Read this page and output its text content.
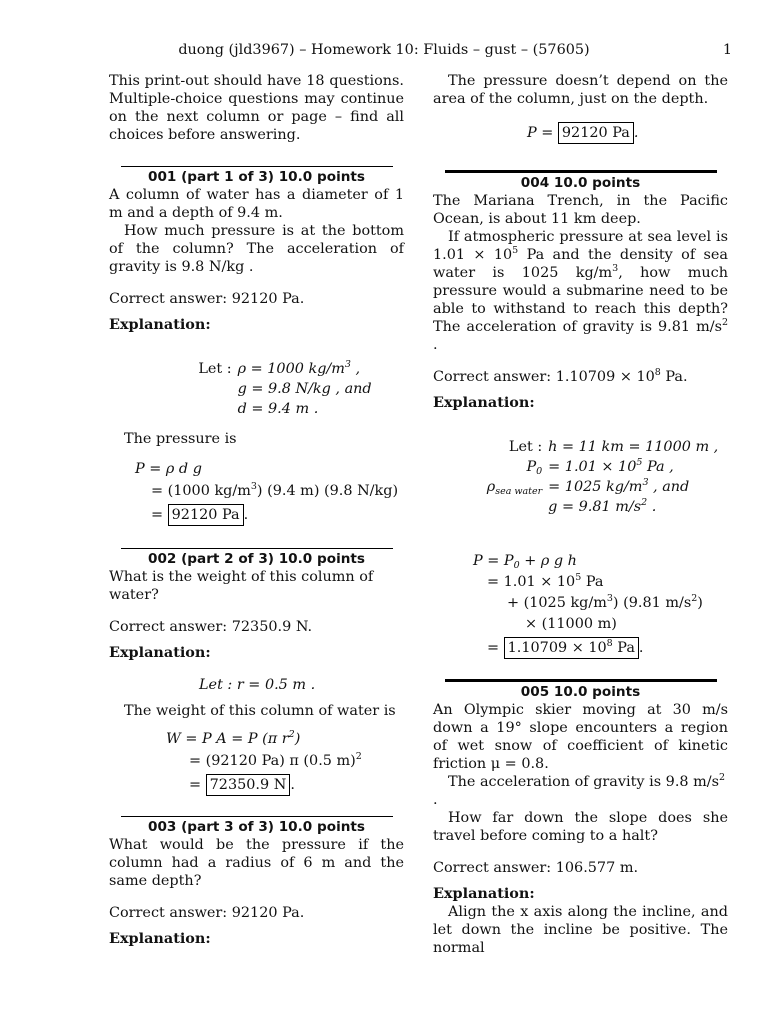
duong (jld3967) – Homework 10: Fluids – gust – (57605)	1

This print-out should have 18 questions. Multiple-choice questions may continue on the next column or page – find all choices before answering.

001 (part 1 of 3) 10.0 points

A column of water has a diameter of 1 m and a depth of 9.4 m.

How much pressure is at the bottom of the column? The acceleration of gravity is 9.8 N/kg .

Correct answer: 92120 Pa.

Explanation:

Let : ρ = 1000 $kg/m^3$ ,
g = 9.8 N/kg , and
d = 9.4 m .

The pressure is

P = ρ d g
= (1000 $kg/m^3$) (9.4 m) (9.8 N/kg)
= 92120 Pa .
002 (part 2 of 3) 10.0 points

What is the weight of this column of water?

Correct answer: 72350.9 N.

Explanation:

Let : r = 0.5 m .

The weight of this column of water is

W = P A = P (π $r^2$)
= (92120 Pa) π (0.5 m)$^2$
= 72350.9 N .
003 (part 3 of 3) 10.0 points

What would be the pressure if the column had a radius of 6 m and the same depth?

Correct answer: 92120 Pa.

Explanation:

The pressure doesn’t depend on the area of the column, just on the depth.

P = 92120 Pa .
004 10.0 points

The Mariana Trench, in the Pacific Ocean, is about 11 km deep.

If atmospheric pressure at sea level is $1.01 \times 10^5$ Pa and the density of sea water is 1025 $kg/m^3$, how much pressure would a submarine need to be able to withstand to reach this depth? The acceleration of gravity is 9.81 $m/s^2$ .

Correct answer: $1.10709 \times 10^8$ Pa.

Explanation:

Let : h = 11 km = 11000 m ,
$P_0 = 1.01 \times 10^5$ Pa ,
$\rho_{sea water} = 1025$ $kg/m^3$ , and
g = 9.81 $m/s^2$ .
$P = P_0 + \rho$ g h
= $1.01 \times 10^5$ Pa
+ (1025 $kg/m^3$) (9.81 $m/s^2$)
× (11000 m)
= $1.10709 \times 10^8$ Pa .
005 10.0 points

An Olympic skier moving at 30 m/s down a 19° slope encounters a region of wet snow of coefficient of kinetic friction μ = 0.8.

The acceleration of gravity is 9.8 $m/s^2$ .

How far down the slope does she travel before coming to a halt?

Correct answer: 106.577 m.

Explanation:

Align the x axis along the incline, and let down the incline be positive. The normal
